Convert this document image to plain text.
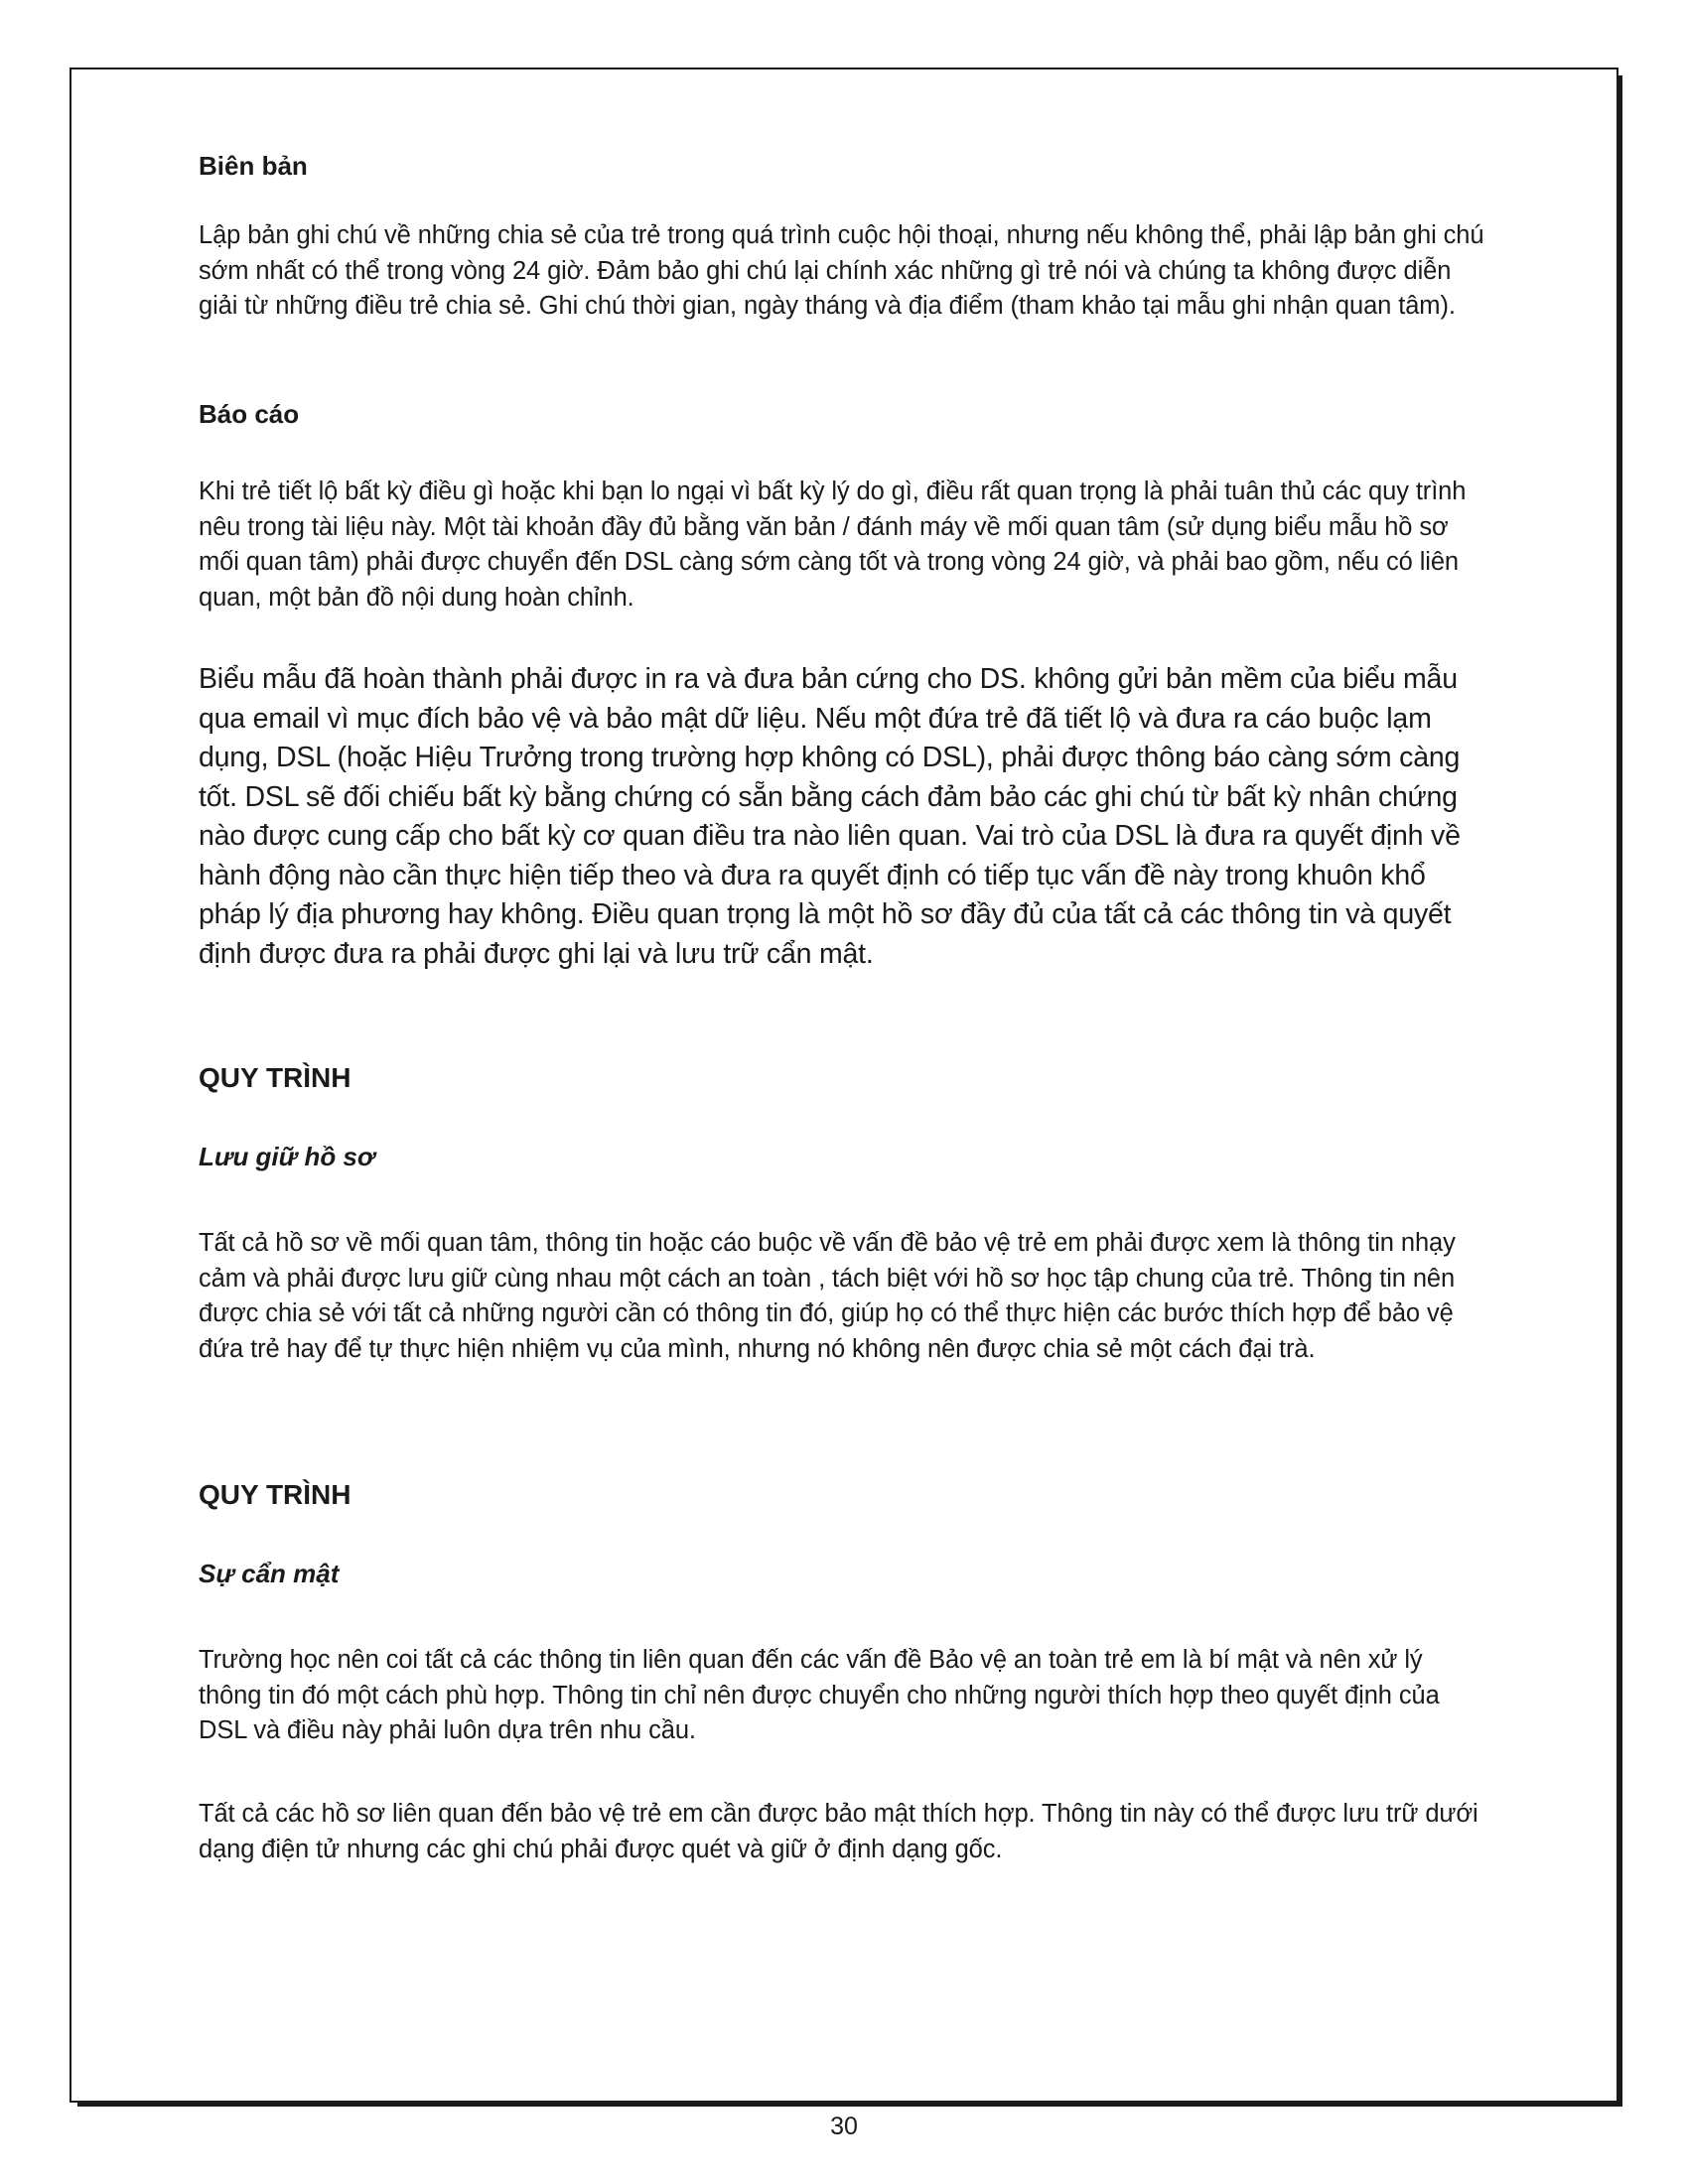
Biên bản

Lập bản ghi chú về những chia sẻ của trẻ trong quá trình cuộc hội thoại, nhưng nếu không thể, phải lập bản ghi chú sớm nhất có thể trong vòng 24 giờ. Đảm bảo ghi chú lại chính xác những gì trẻ nói và chúng ta không được diễn giải từ những điều trẻ chia sẻ. Ghi chú thời gian, ngày tháng và địa điểm (tham khảo tại mẫu ghi nhận quan tâm).

Báo cáo

Khi trẻ tiết lộ bất kỳ điều gì hoặc khi bạn lo ngại vì bất kỳ lý do gì, điều rất quan trọng là phải tuân thủ các quy trình nêu trong tài liệu này. Một tài khoản đầy đủ bằng văn bản / đánh máy về mối quan tâm (sử dụng biểu mẫu hồ sơ mối quan tâm) phải được chuyển đến DSL càng sớm càng tốt và trong vòng 24 giờ, và phải bao gồm, nếu có liên quan, một bản đồ nội dung hoàn chỉnh.

Biểu mẫu đã hoàn thành phải được in ra và đưa bản cứng cho DS. không gửi bản mềm của biểu mẫu qua email vì mục đích bảo vệ và bảo mật dữ liệu. Nếu một đứa trẻ đã tiết lộ và đưa ra cáo buộc lạm dụng, DSL (hoặc Hiệu Trưởng trong trường hợp không có DSL), phải được thông báo càng sớm càng tốt. DSL sẽ đối chiếu bất kỳ bằng chứng có sẵn bằng cách đảm bảo các ghi chú từ bất kỳ nhân chứng nào được cung cấp cho bất kỳ cơ quan điều tra nào liên quan. Vai trò của DSL là đưa ra quyết định về hành động nào cần thực hiện tiếp theo và đưa ra quyết định có tiếp tục vấn đề này trong khuôn khổ pháp lý địa phương hay không. Điều quan trọng là một hồ sơ đầy đủ của tất cả các thông tin và quyết định được đưa ra phải được ghi lại và lưu trữ cẩn mật.

QUY TRÌNH
Lưu giữ hồ sơ

Tất cả hồ sơ về mối quan tâm, thông tin hoặc cáo buộc về vấn đề bảo vệ trẻ em phải được xem là thông tin nhạy cảm và phải được lưu giữ cùng nhau một cách an toàn , tách biệt với hồ sơ học tập chung của trẻ. Thông tin nên được chia sẻ với tất cả những người cần có thông tin đó, giúp họ có thể thực hiện các bước thích hợp để bảo vệ đứa trẻ hay để tự thực hiện nhiệm vụ của mình, nhưng nó không nên được chia sẻ một cách đại trà.

QUY TRÌNH
Sự cẩn mật

Trường học nên coi tất cả các thông tin liên quan đến các vấn đề Bảo vệ an toàn trẻ em là bí mật và nên xử lý thông tin đó một cách phù hợp. Thông tin chỉ nên được chuyển cho những người thích hợp theo quyết định của DSL và điều này phải luôn dựa trên nhu cầu.

Tất cả các hồ sơ liên quan đến bảo vệ trẻ em cần được bảo mật thích hợp. Thông tin này có thể được lưu trữ dưới dạng điện tử nhưng các ghi chú phải được quét và giữ ở định dạng gốc.

30
